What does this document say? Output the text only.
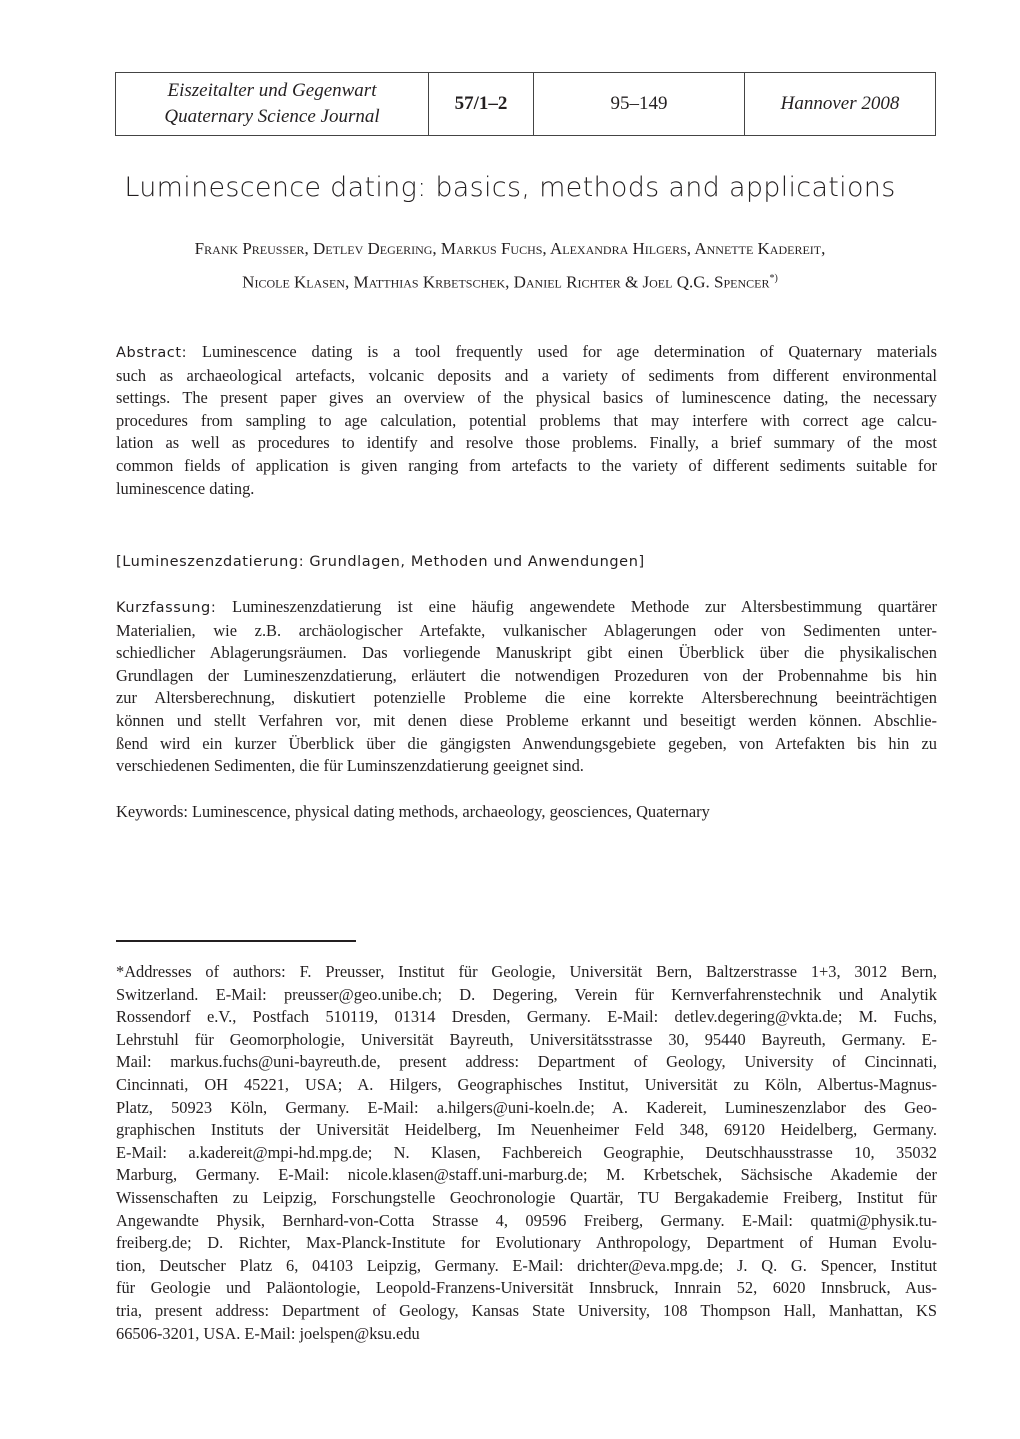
Eiszeitalter und Gegenwart
Quaternary Science Journal
57/1–2	95–149	Hannover 2008
Luminescence dating: basics, methods and applications
Frank Preusser, Detlev Degering, Markus Fuchs, Alexandra Hilgers, Annette Kadereit,
Nicole Klasen, Matthias Krbetschek, Daniel Richter & Joel Q.G. Spencer*)
Abstract: Luminescence dating is a tool frequently used for age determination of Quaternary materials
such as archaeological artefacts, volcanic deposits and a variety of sediments from different environmental
settings. The present paper gives an overview of the physical basics of luminescence dating, the necessary
procedures from sampling to age calculation, potential problems that may interfere with correct age calcu-
lation as well as procedures to identify and resolve those problems. Finally, a brief summary of the most
common fields of application is given ranging from artefacts to the variety of different sediments suitable for
luminescence dating.
[Lumineszenzdatierung: Grundlagen, Methoden und Anwendungen]
Kurzfassung: Lumineszenzdatierung ist eine häufig angewendete Methode zur Altersbestimmung quartärer
Materialien, wie z.B. archäologischer Artefakte, vulkanischer Ablagerungen oder von Sedimenten unter-
schiedlicher Ablagerungsräumen. Das vorliegende Manuskript gibt einen Überblick über die physikalischen
Grundlagen der Lumineszenzdatierung, erläutert die notwendigen Prozeduren von der Probennahme bis hin
zur Altersberechnung, diskutiert potenzielle Probleme die eine korrekte Altersberechnung beeinträchtigen
können und stellt Verfahren vor, mit denen diese Probleme erkannt und beseitigt werden können. Abschlie-
ßend wird ein kurzer Überblick über die gängigsten Anwendungsgebiete gegeben, von Artefakten bis hin zu
verschiedenen Sedimenten, die für Luminszenzdatierung geeignet sind.
Keywords: Luminescence, physical dating methods, archaeology, geosciences, Quaternary
*Addresses of authors: F. Preusser, Institut für Geologie, Universität Bern, Baltzerstrasse 1+3, 3012 Bern,
Switzerland. E-Mail: preusser@geo.unibe.ch; D. Degering, Verein für Kernverfahrenstechnik und Analytik
Rossendorf e.V., Postfach 510119, 01314 Dresden, Germany. E-Mail: detlev.degering@vkta.de; M. Fuchs,
Lehrstuhl für Geomorphologie, Universität Bayreuth, Universitätsstrasse 30, 95440 Bayreuth, Germany. E-
Mail: markus.fuchs@uni-bayreuth.de, present address: Department of Geology, University of Cincinnati,
Cincinnati, OH 45221, USA; A. Hilgers, Geographisches Institut, Universität zu Köln, Albertus-Magnus-
Platz, 50923 Köln, Germany. E-Mail: a.hilgers@uni-koeln.de; A. Kadereit, Lumineszenzlabor des Geo-
graphischen Instituts der Universität Heidelberg, Im Neuenheimer Feld 348, 69120 Heidelberg, Germany.
E-Mail: a.kadereit@mpi-hd.mpg.de; N. Klasen, Fachbereich Geographie, Deutschhausstrasse 10, 35032
Marburg, Germany. E-Mail: nicole.klasen@staff.uni-marburg.de; M. Krbetschek, Sächsische Akademie der
Wissenschaften zu Leipzig, Forschungstelle Geochronologie Quartär, TU Bergakademie Freiberg, Institut für
Angewandte Physik, Bernhard-von-Cotta Strasse 4, 09596 Freiberg, Germany. E-Mail: quatmi@physik.tu-
freiberg.de; D. Richter, Max-Planck-Institute for Evolutionary Anthropology, Department of Human Evolu-
tion, Deutscher Platz 6, 04103 Leipzig, Germany. E-Mail: drichter@eva.mpg.de; J. Q. G. Spencer, Institut
für Geologie und Paläontologie, Leopold-Franzens-Universität Innsbruck, Innrain 52, 6020 Innsbruck, Aus-
tria, present address: Department of Geology, Kansas State University, 108 Thompson Hall, Manhattan, KS
66506-3201, USA. E-Mail: joelspen@ksu.edu
